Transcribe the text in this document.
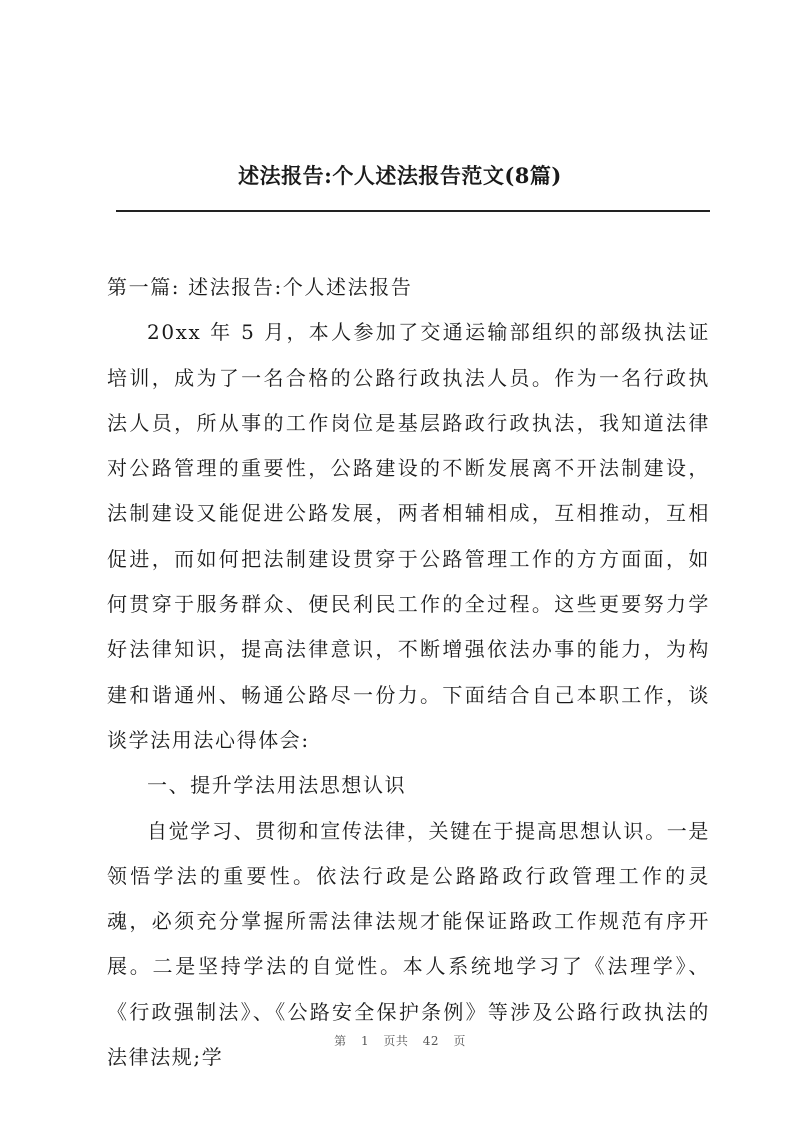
述法报告:个人述法报告范文(8篇)

第一篇: 述法报告:个人述法报告

20xx 年 5 月，本人参加了交通运输部组织的部级执法证培训，成为了一名合格的公路行政执法人员。作为一名行政执法人员，所从事的工作岗位是基层路政行政执法，我知道法律对公路管理的重要性，公路建设的不断发展离不开法制建设，法制建设又能促进公路发展，两者相辅相成，互相推动，互相促进，而如何把法制建设贯穿于公路管理工作的方方面面，如何贯穿于服务群众、便民利民工作的全过程。这些更要努力学好法律知识，提高法律意识，不断增强依法办事的能力，为构建和谐通州、畅通公路尽一份力。下面结合自己本职工作，谈谈学法用法心得体会:

一、提升学法用法思想认识

自觉学习、贯彻和宣传法律，关键在于提高思想认识。一是领悟学法的重要性。依法行政是公路路政行政管理工作的灵魂，必须充分掌握所需法律法规才能保证路政工作规范有序开展。二是坚持学法的自觉性。本人系统地学习了《法理学》、《行政强制法》、《公路安全保护条例》等涉及公路行政执法的法律法规;学

第 1 页共 42 页
